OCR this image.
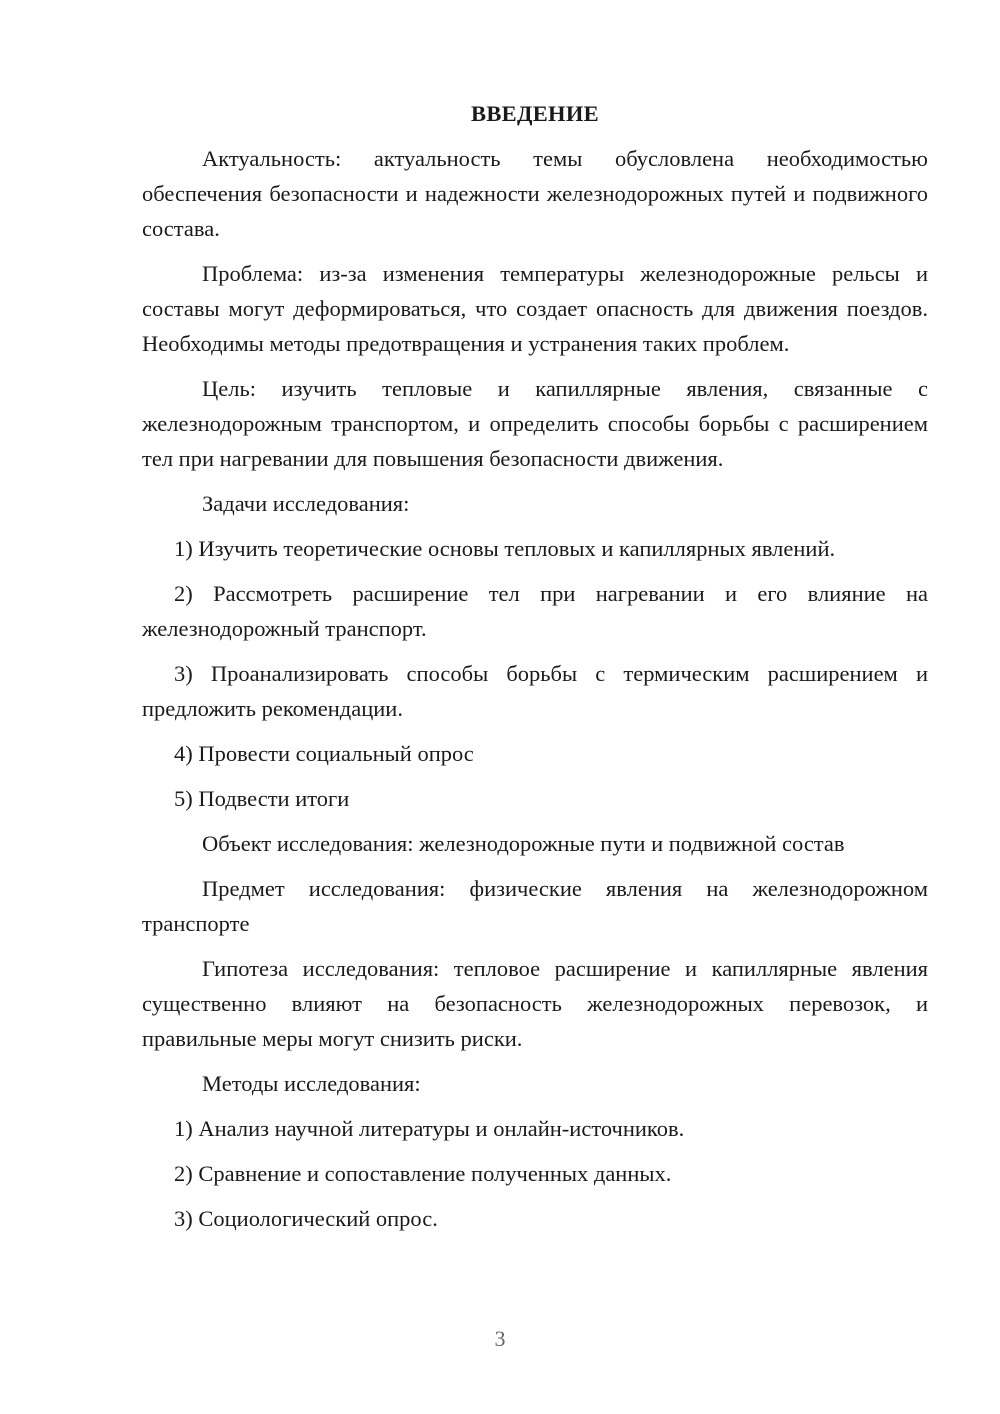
ВВЕДЕНИЕ

Актуальность: актуальность темы обусловлена необходимостью обеспечения безопасности и надежности железнодорожных путей и подвижного состава.

Проблема: из-за изменения температуры железнодорожные рельсы и составы могут деформироваться, что создает опасность для движения поездов. Необходимы методы предотвращения и устранения таких проблем.

Цель: изучить тепловые и капиллярные явления, связанные с железнодорожным транспортом, и определить способы борьбы с расширением тел при нагревании для повышения безопасности движения.

Задачи исследования:

1) Изучить теоретические основы тепловых и капиллярных явлений.

2) Рассмотреть расширение тел при нагревании и его влияние на железнодорожный транспорт.

3) Проанализировать способы борьбы с термическим расширением и предложить рекомендации.

4) Провести социальный опрос

5) Подвести итоги

Объект исследования: железнодорожные пути и подвижной состав

Предмет исследования: физические явления на железнодорожном транспорте

Гипотеза исследования: тепловое расширение и капиллярные явления существенно влияют на безопасность железнодорожных перевозок, и правильные меры могут снизить риски.

Методы исследования:

1) Анализ научной литературы и онлайн-источников.

2) Сравнение и сопоставление полученных данных.

3) Социологический опрос.

3
